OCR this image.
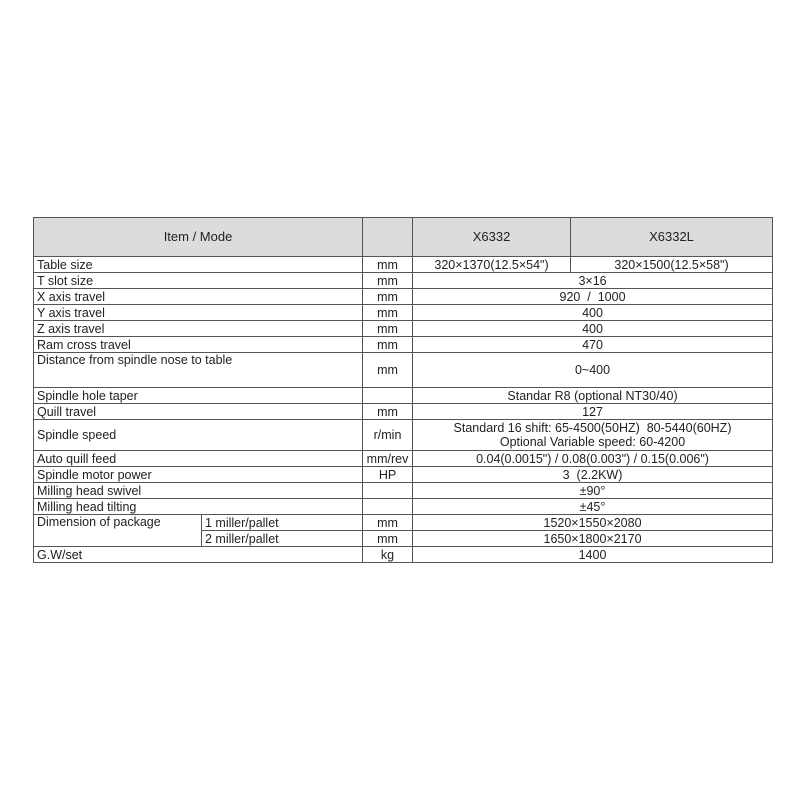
Item / Mode			X6332	X6332L
Table size		mm	320×1370(12.5×54")	320×1500(12.5×58")
T slot size		mm	3×16	
X axis travel		mm	920  /  1000	
Y axis travel		mm	400	
Z axis travel		mm	400	
Ram cross travel		mm	470	
Distance from spindle nose to table		mm	0~400	
Spindle hole taper			Standar R8 (optional NT30/40)	
Quill travel		mm	127	
Spindle speed		r/min	Standard 16 shift: 65-4500(50HZ)  80-5440(60HZ)
Optional Variable speed: 60-4200	

Auto quill feed		mm/rev	0.04(0.0015") / 0.08(0.003") / 0.15(0.006")	
Spindle motor power		HP	3  (2.2KW)	
Milling head swivel			±90°	
Milling head tilting			±45°	
Dimension of package	1 miller/pallet	mm	1520×1550×2080	
	2 miller/pallet	mm	1650×1800×2170	
G.W/set		kg	1400	
